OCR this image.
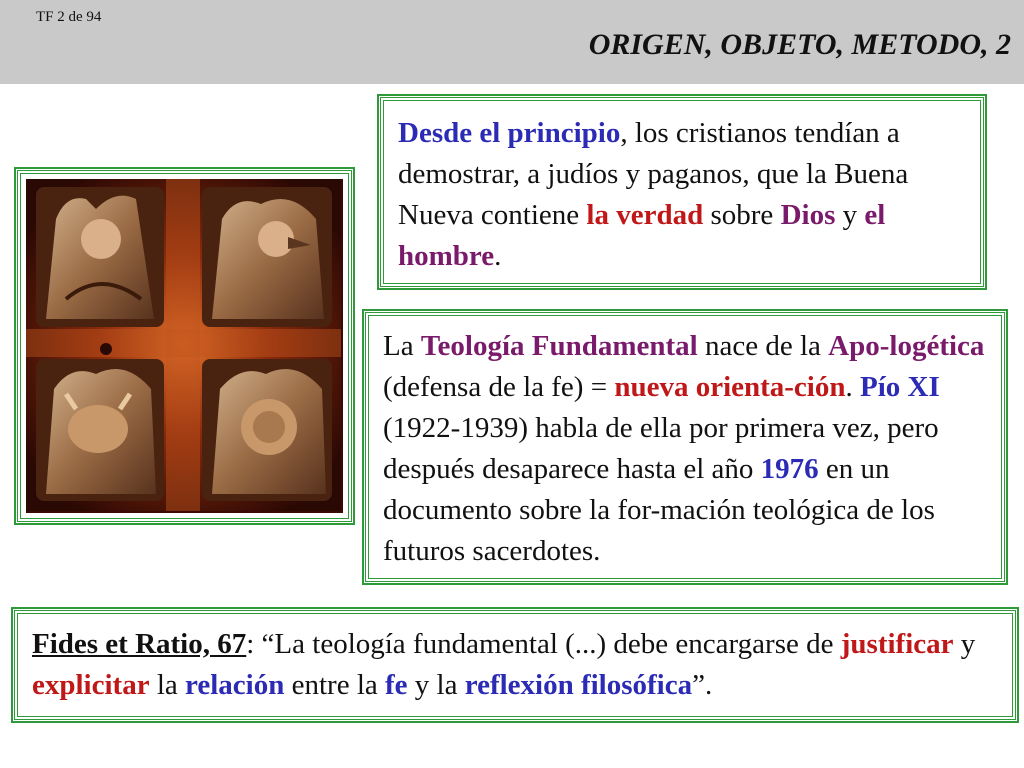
TF 2 de 94
ORIGEN, OBJETO, METODO, 2
Desde el principio, los cristianos tendían a demostrar, a judíos y paganos, que la Buena Nueva contiene la verdad sobre Dios y el hombre.
La Teología Fundamental nace de la Apo-logética (defensa de la fe) = nueva orienta-ción. Pío XI (1922-1939) habla de ella por primera vez, pero después desaparece hasta el año 1976 en un documento sobre la for-mación teológica de los futuros sacerdotes.
Fides et Ratio, 67: “La teología fundamental (...) debe encargarse de justificar y explicitar la relación entre la fe y la reflexión filosófica”.
